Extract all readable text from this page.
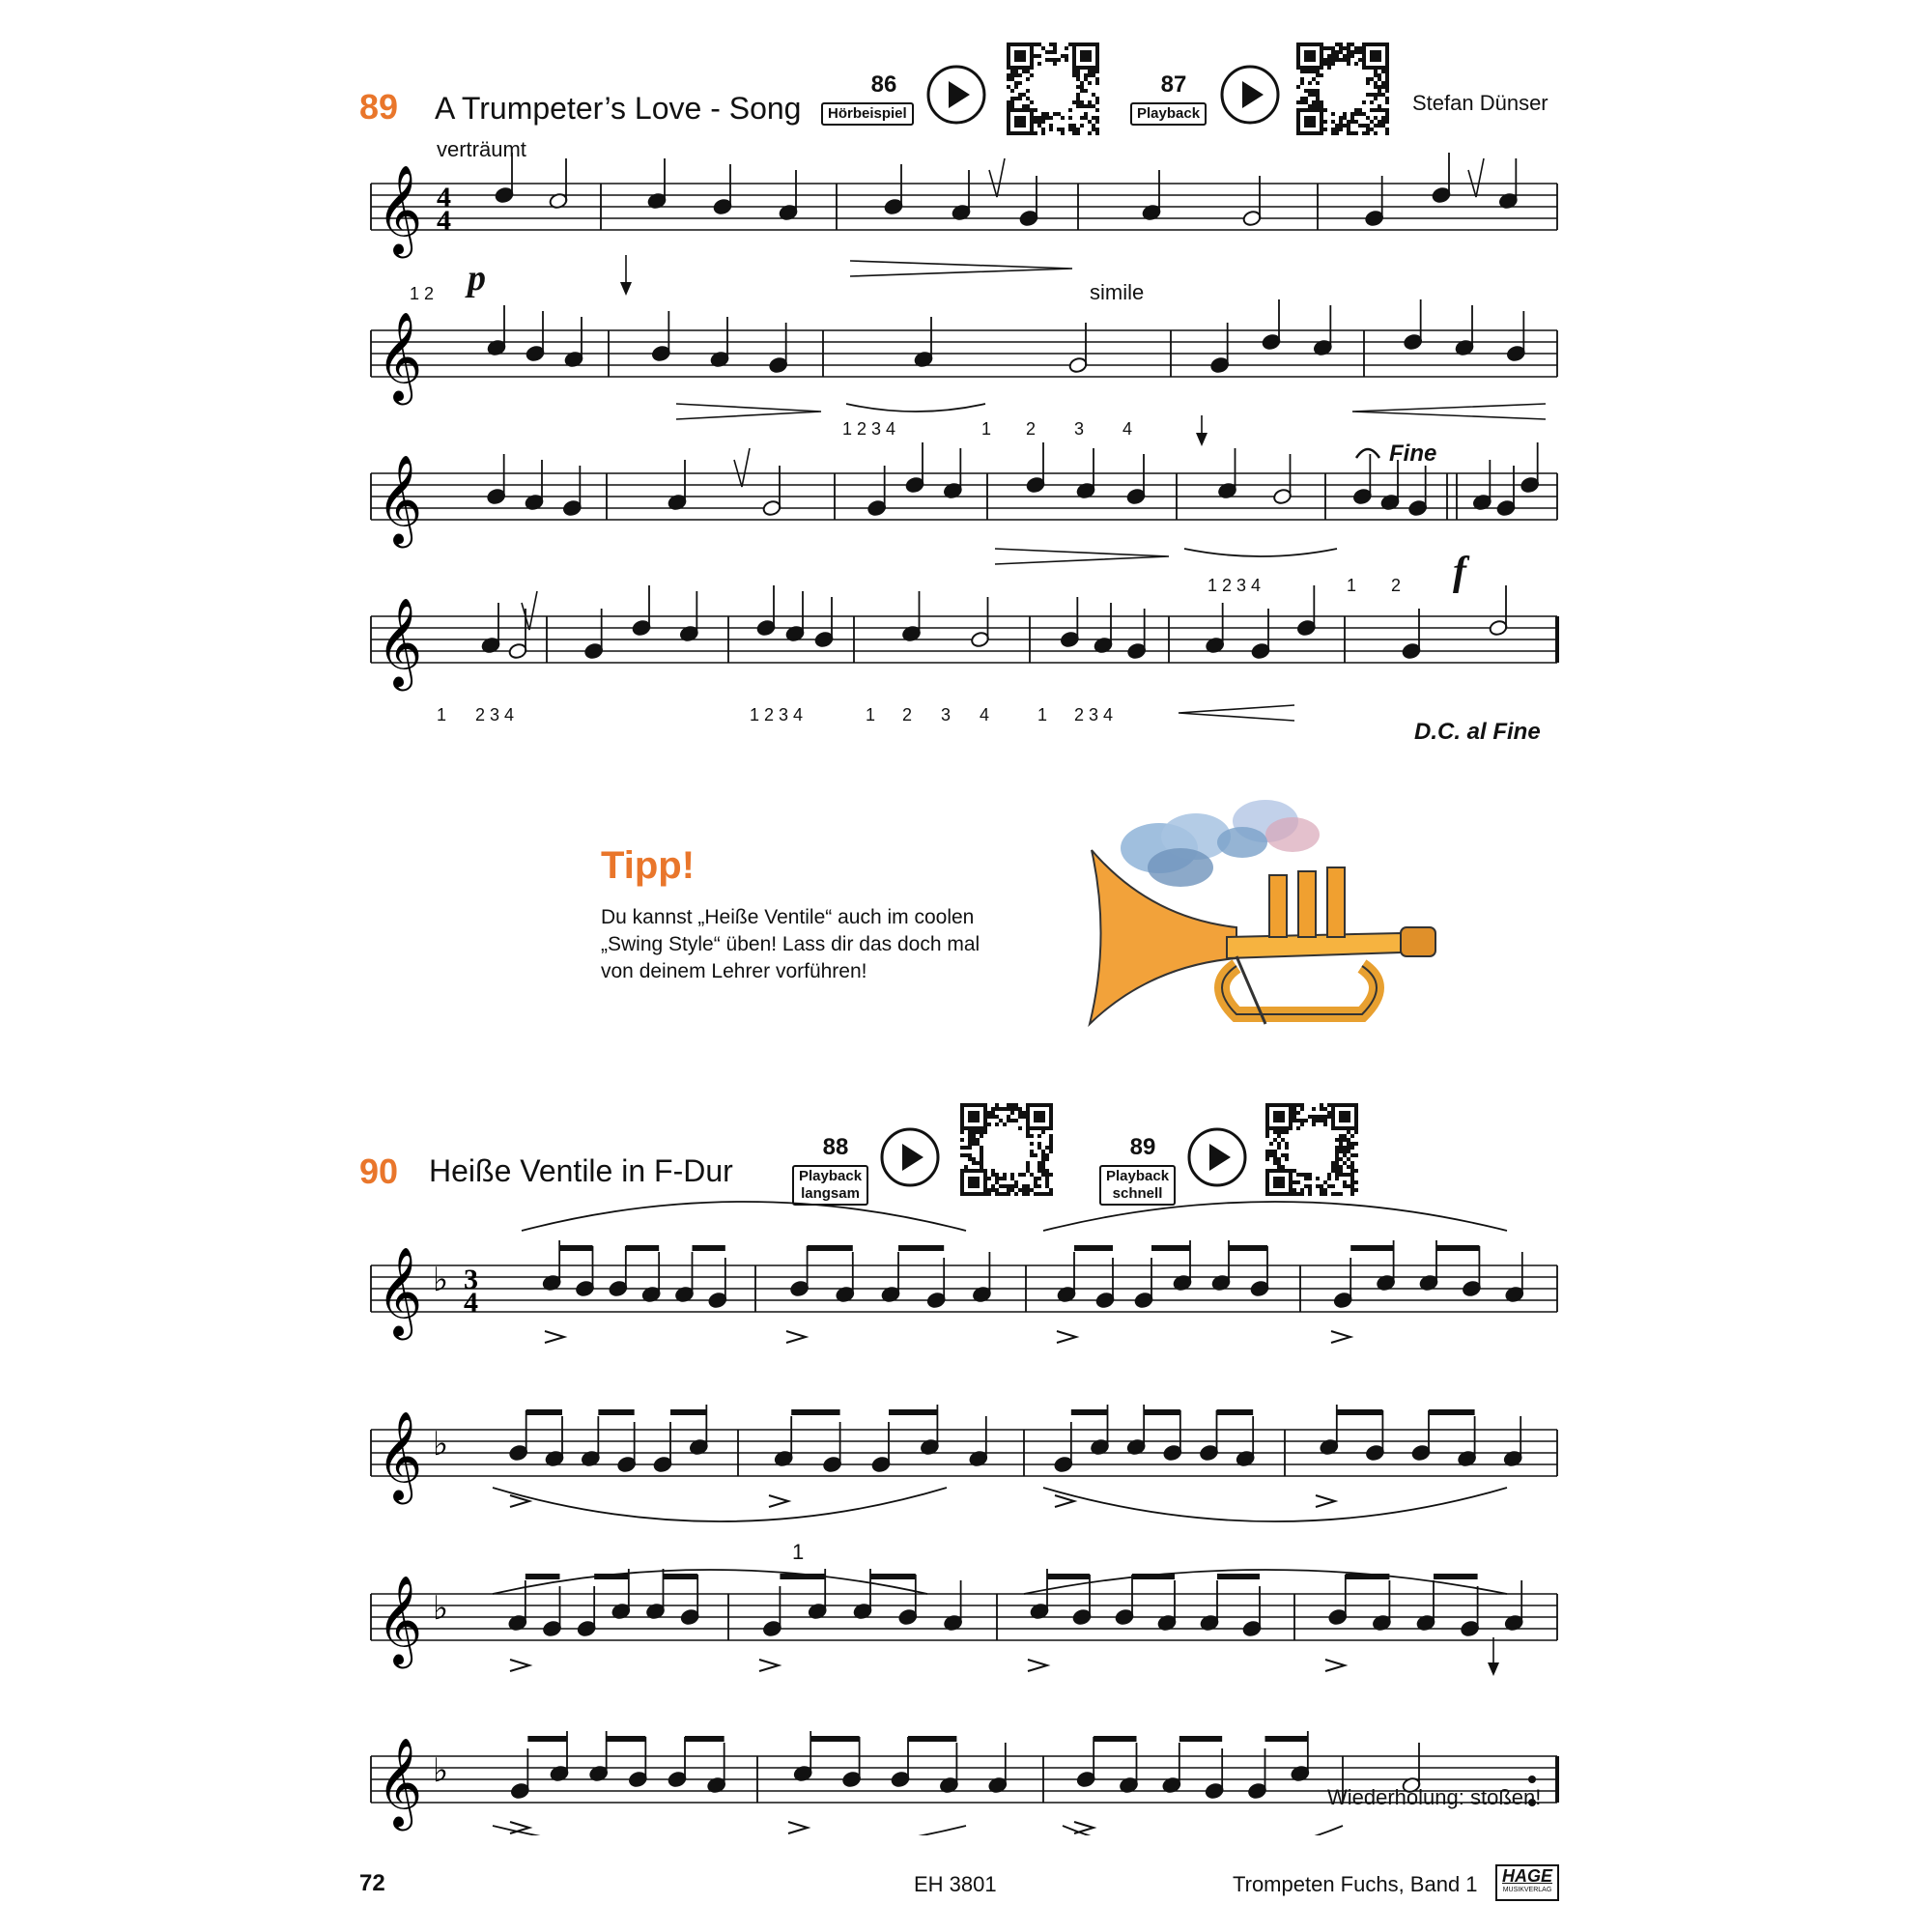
89 A Trumpeter’s Love - Song	Stefan Dünser
verträumt
86
Hörbeispiel
87
Playback
𝄞 4
4
𝄞
𝄞
𝄞
p	simile
Fine
f
D.C. al Fine
1 2
1 2 3 4	1 2 3 4
1 2 3 4	1 2
1 2 3 4	1 2 3 4	1 2 3 4	1 2 3 4
Tipp!
Du kannst „Heiße Ventile“ auch im coolen
„Swing Style“ üben! Lass dir das doch mal
von deinem Lehrer vorführen!
90 Heiße Ventile in F-Dur
88
Playback
langsam
89
Playback
schnell
𝄞 ♭ 3
4
𝄞 ♭
𝄞 ♭
𝄞 ♭
1
Wiederholung: stoßen!
72	EH 3801	Trompeten Fuchs, Band 1 HAGE
MUSIKVERLAG
